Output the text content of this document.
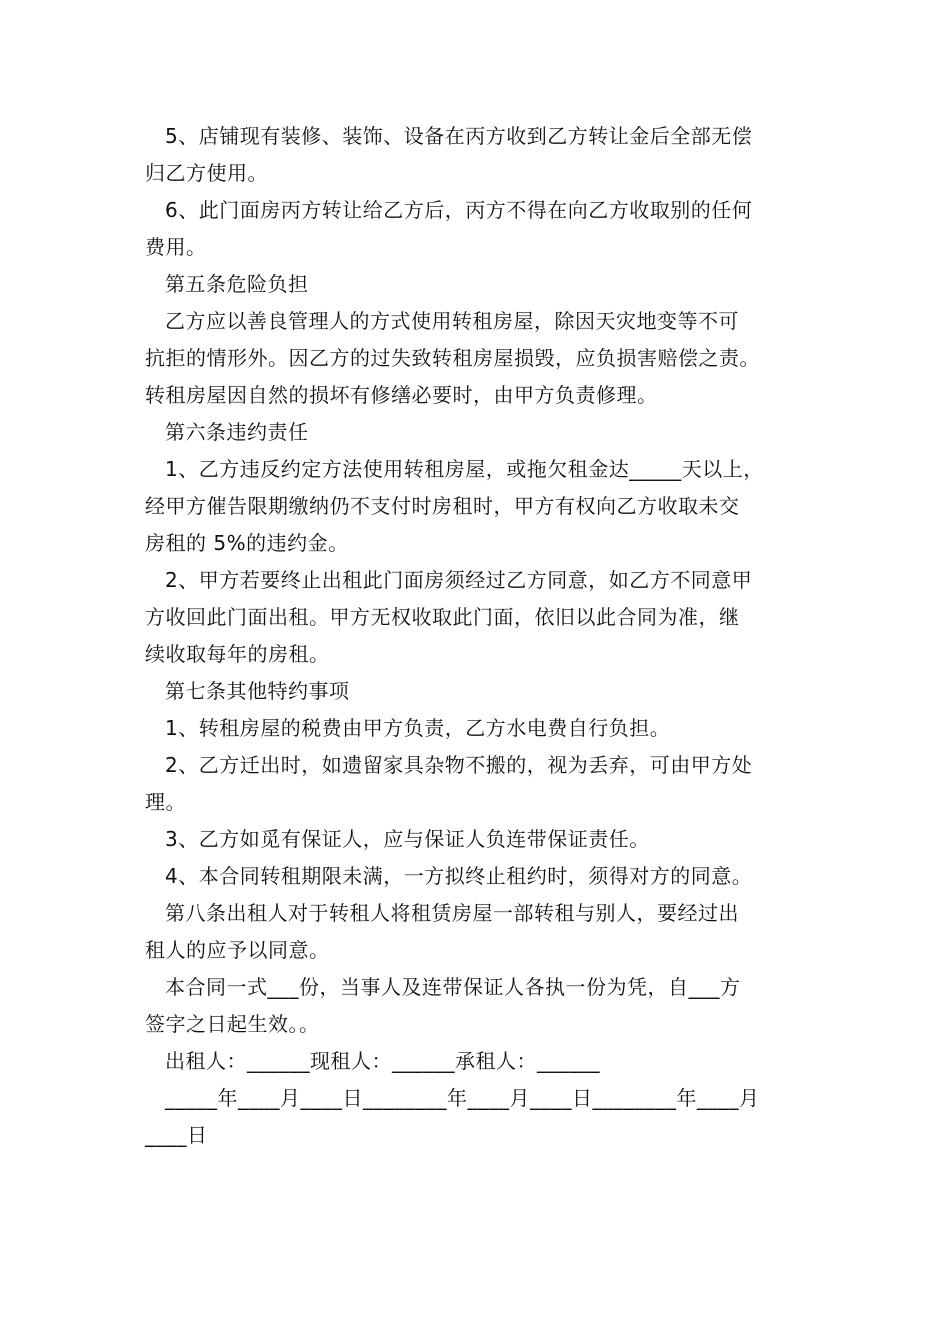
5、店铺现有装修、装饰、设备在丙方收到乙方转让金后全部无偿
归乙方使用。
6、此门面房丙方转让给乙方后，丙方不得在向乙方收取别的任何
费用。
第五条危险负担
乙方应以善良管理人的方式使用转租房屋，除因天灾地变等不可
抗拒的情形外。因乙方的过失致转租房屋损毁，应负损害赔偿之责。
转租房屋因自然的损坏有修缮必要时，由甲方负责修理。
第六条违约责任
1、乙方违反约定方法使用转租房屋，或拖欠租金达_____天以上，
经甲方催告限期缴纳仍不支付时房租时，甲方有权向乙方收取未交
房租的 5%的违约金。
2、甲方若要终止出租此门面房须经过乙方同意，如乙方不同意甲
方收回此门面出租。甲方无权收取此门面，依旧以此合同为准，继
续收取每年的房租。
第七条其他特约事项
1、转租房屋的税费由甲方负责，乙方水电费自行负担。
2、乙方迁出时，如遗留家具杂物不搬的，视为丢弃，可由甲方处
理。
3、乙方如觅有保证人，应与保证人负连带保证责任。
4、本合同转租期限未满，一方拟终止租约时，须得对方的同意。
第八条出租人对于转租人将租赁房屋一部转租与别人，要经过出
租人的应予以同意。
本合同一式___份，当事人及连带保证人各执一份为凭，自___方
签字之日起生效。。
出租人：______现租人：______承租人：______
_____年____月____日________年____月____日________年____月
____日
